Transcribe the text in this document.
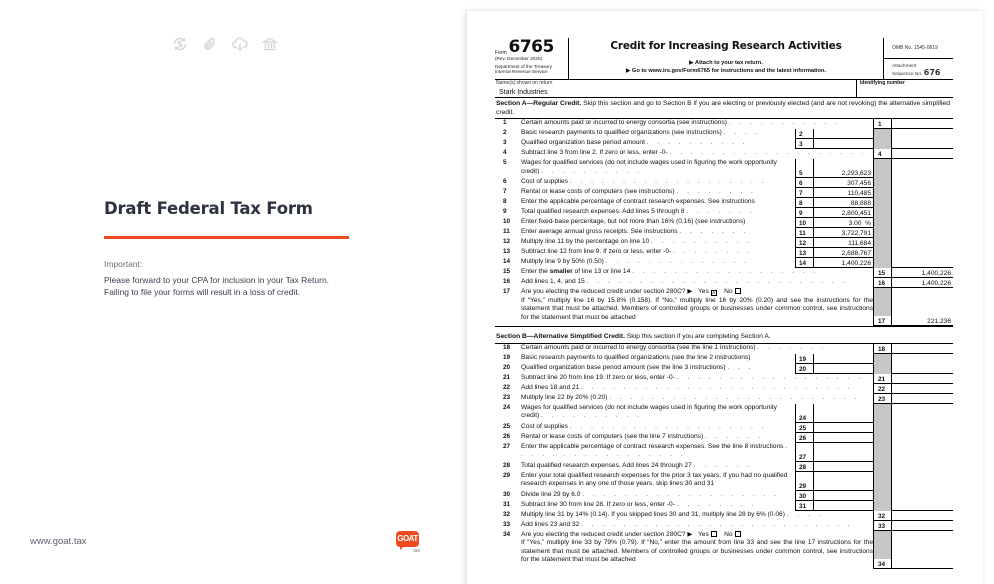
Draft Federal Tax Form
Important:
Please forward to your CPA for inclusion in your Tax Return.
Failing to file your forms will result in a loss of credit.
www.goat.tax	GOAT
.tax
Form 6765
(Rev. December 2020)
Department of the Treasury
Internal Revenue Service
Credit for Increasing Research Activities
▶ Attach to your tax return.
▶ Go to www.irs.gov/Form6765 for instructions and the latest information.
OMB No. 1545-0619
Attachment
Sequence No. 676
Name(s) shown on return
Stark Industries
Identifying number
Section A—Regular Credit. Skip this section and go to Section B if you are electing or previously elected (and are not revoking) the alternative simplified credit.
1	Certain amounts paid or incurred to energy consortia (see instructions) . . . . . . . . . . .	1
2	Basic research payments to qualified organizations (see instructions) . . . .	2
3	Qualified organization base period amount . . . . . . . . . .	3
4	Subtract line 3 from line 2. If zero or less, enter -0- . . . . . . . . . . . . . . . . . . .	4
5	Wages for qualified services (do not include wages used in figuring the work opportunity credit) . . . . . . . . . .	5	2,293,623
6	Cost of supplies . . . . . . . . . . . . . . . . . . .	6	307,456
7	Rental or lease costs of computers (see instructions) . . . . . . . .	7	110,485
8	Enter the applicable percentage of contract research expenses. See instructions	8	88,888
9	Total qualified research expenses. Add lines 5 through 8 . . . . . . .	9	2,800,451
10	Enter fixed-base percentage, but not more than 16% (0.16) (see instructions)	10	3.00
%
11	Enter average annual gross receipts. See instructions . . . . . . .	11	3,722,791
12	Multiply line 11 by the percentage on line 10 . . . . . . . . . .	12	111,684
13	Subtract line 12 from line 9. If zero or less, enter -0- . . . . . . . .	13	2,688,767
14	Multiply line 9 by 50% (0.50) . . . . . . . . . . . . . .	14	1,400,226
15	Enter the smaller of line 13 or line 14 . . . . . . . . . . . . . . . . . .	15	1,400,226
16	Add lines 1, 4, and 15 . . . . . . . . . . . . . . . . . . . . . . . . .	16	1,400,226
17	Are you electing the reduced credit under section 280C? ▶ Yes X No
If “Yes,” multiply line 16 by 15.8% (0.158). If “No,” multiply line 16 by 20% (0.20) and see the instructions for the statement that must be attached. Members of controlled groups or businesses under common control, see instructions for the statement that must be attached
17	221,236
Section B—Alternative Simplified Credit. Skip this section if you are completing Section A.
18	Certain amounts paid or incurred to energy consortia (see the line 1 instructions) . . . . . . .	18
19	Basic research payments to qualified organizations (see the line 2 instructions)	19
20	Qualified organization base period amount (see the line 3 instructions) . . .	20
21	Subtract line 20 from line 19. If zero or less, enter -0- . . . . . . . . . . . . . . . . . .	21
22	Add lines 18 and 21 . . . . . . . . . . . . . . . . . . . . . . . . . .	22
23	Multiply line 22 by 20% (0.20) . . . . . . . . . . . . . . . . . . . . . . . .	23
24	Wages for qualified services (do not include wages used in figuring the work opportunity credit) . . . . . . . . . .	24
25	Cost of supplies . . . . . . . . . . . . . . . . . . .	25
26	Rental or lease costs of computers (see the line 7 instructions) . . . . . .	26
27	Enter the applicable percentage of contract research expenses. See the line 8 instructions . . . . . . . . . . . . . . . . .	27
28	Total qualified research expenses. Add lines 24 through 27 . . . . . .	28
29	Enter your total qualified research expenses for the prior 3 tax years. If you had no qualified research expenses in any one of those years, skip lines 30 and 31	29
30	Divide line 29 by 6.0 . . . . . . . . . . . . . . . . . . .	30
31	Subtract line 30 from line 28. If zero or less, enter -0- . . . . . . . .	31
32	Multiply line 31 by 14% (0.14). If you skipped lines 30 and 31, multiply line 28 by 6% (0.06) . . . .	32
33	Add lines 23 and 32 . . . . . . . . . . . . . . . . . . . . . . . . . .	33
34	Are you electing the reduced credit under section 280C? ▶ Yes No
If “Yes,” multiply line 33 by 79% (0.79). If “No,” enter the amount from line 33 and see the line 17 instructions for the statement that must be attached. Members of controlled groups or businesses under common control, see instructions for the statement that must be attached
34
